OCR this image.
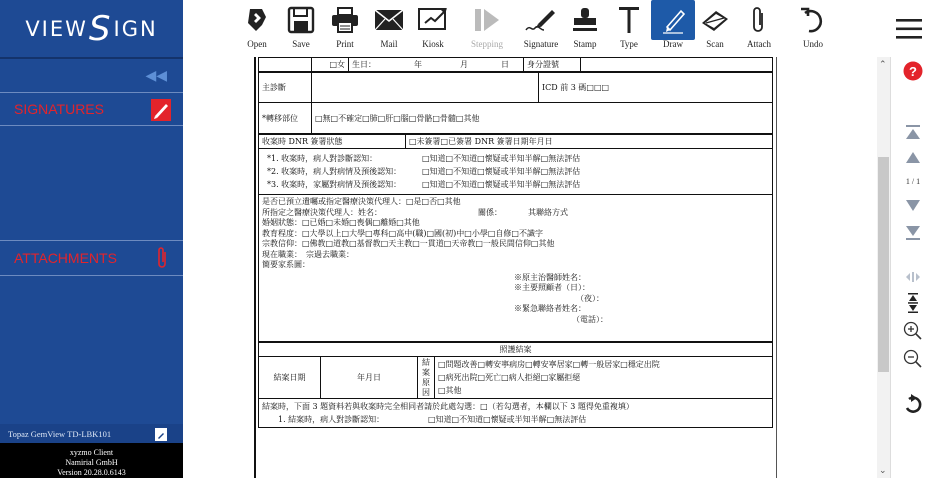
VIEW S IGN
◀◀
SIGNATURES
ATTACHMENTS
Topaz GemView TD-LBK101
xyzmo Client
Namirial GmbH
Version 20.28.0.6143
Open	Save	Print	Mail	Kiosk	Stepping	Signature	Stamp	Type	Draw	Scan	Attach	Undo
	□女	生日：	年	月	日	身分證號	
主診斷		ICD 前 3 碼□□□
*轉移部位	□無□不確定□肺□肝□腦□骨骼□骨髓□其他	
收案時 DNR 簽署狀態	□未簽署□已簽署 DNR 簽署日期年月日

*1. 收案時，病人對診斷認知：	□知道□不知道□懷疑或半知半解□無法評估
*2. 收案時，病人對病情及預後認知：	□知道□不知道□懷疑或半知半解□無法評估
*3. 收案時，家屬對病情及預後認知：	□知道□不知道□懷疑或半知半解□無法評估

是否已預立遺囑或指定醫療決策代理人：□是□否□其他
所指定之醫療決策代理人：姓名：	關係：	其聯絡方式
婚姻狀態：□已婚□未婚□喪偶□離婚□其他
教育程度：□大學以上□大學□專科□高中(職)□國(初)中□小學□自修□不識字
宗教信仰：□佛教□道教□基督教□天主教□一貫道□天帝教□一般民間信仰□其他
現在職業： 宗過去職業：
簡要家系圖：
※原主治醫師姓名：
※主要照顧者（日）：
（夜）：
※緊急聯絡者姓名：
（電話）：
照護結案
結案日期	年月日	結案原因	
□問題改善□轉安寧病房□轉安寧居家□轉一般居家□穩定出院
□病死出院□死亡□病人拒絕□家屬拒絕
□其他

結案時，下面 3 題資料若與收案時完全相同者請於此處勾選：□（若勾選者，本欄以下 3 題得免重複填）
1. 結案時，病人對診斷認知：	□知道□不知道□懷疑或半知半解□無法評估
⌃
⌄
?
1 / 1
